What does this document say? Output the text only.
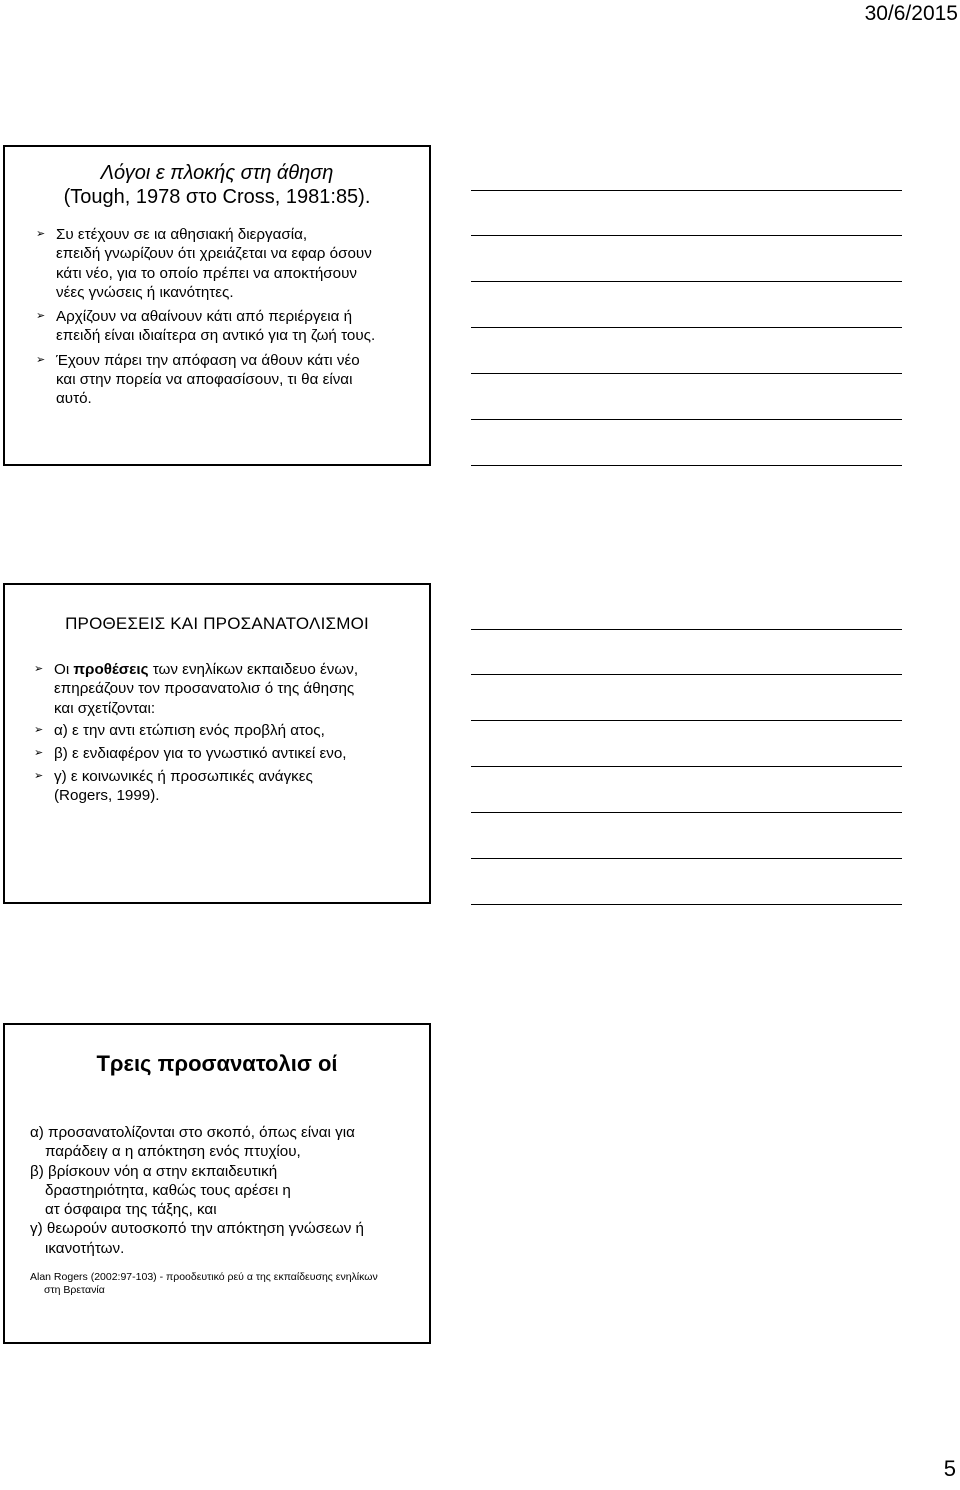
30/6/2015
Λόγοι ε πλοκής στη άθηση
(Tough, 1978 στο Cross, 1981:85).
➢ Συ ετέχουν σε ια αθησιακή διεργασία,
επειδή γνωρίζουν ότι χρειάζεται να εφαρ όσουν
κάτι νέο, για το οποίο πρέπει να αποκτήσουν
νέες γνώσεις ή ικανότητες.
➢ Αρχίζουν να αθαίνουν κάτι από περιέργεια ή
επειδή είναι ιδιαίτερα ση αντικό για τη ζωή τους.
➢ Έχουν πάρει την απόφαση να άθουν κάτι νέο
και στην πορεία να αποφασίσουν, τι θα είναι
αυτό.
ΠΡΟΘΕΣΕΙΣ ΚΑΙ ΠΡΟΣΑΝΑΤΟΛΙΣΜΟΙ
➢ Οι προθέσεις των ενηλίκων εκπαιδευο ένων,
επηρεάζουν τον προσανατολισ ό της άθησης
και σχετίζονται:
➢ α) ε την αντι ετώπιση ενός προβλή ατος,
➢ β) ε ενδιαφέρον για το γνωστικό αντικεί ενο,
➢ γ) ε κοινωνικές ή προσωπικές ανάγκες
(Rogers, 1999).
Τρεις προσανατολισ οί
α) προσανατολίζονται στο σκοπό, όπως είναι για
παράδειγ α η απόκτηση ενός πτυχίου,
β) βρίσκουν νόη α στην εκπαιδευτική
δραστηριότητα, καθώς τους αρέσει η
ατ όσφαιρα της τάξης, και
γ) θεωρούν αυτοσκοπό την απόκτηση γνώσεων ή
ικανοτήτων.
Alan Rogers (2002:97-103) - προοδευτικό ρεύ α της εκπαίδευσης ενηλίκων
στη Βρετανία
5
